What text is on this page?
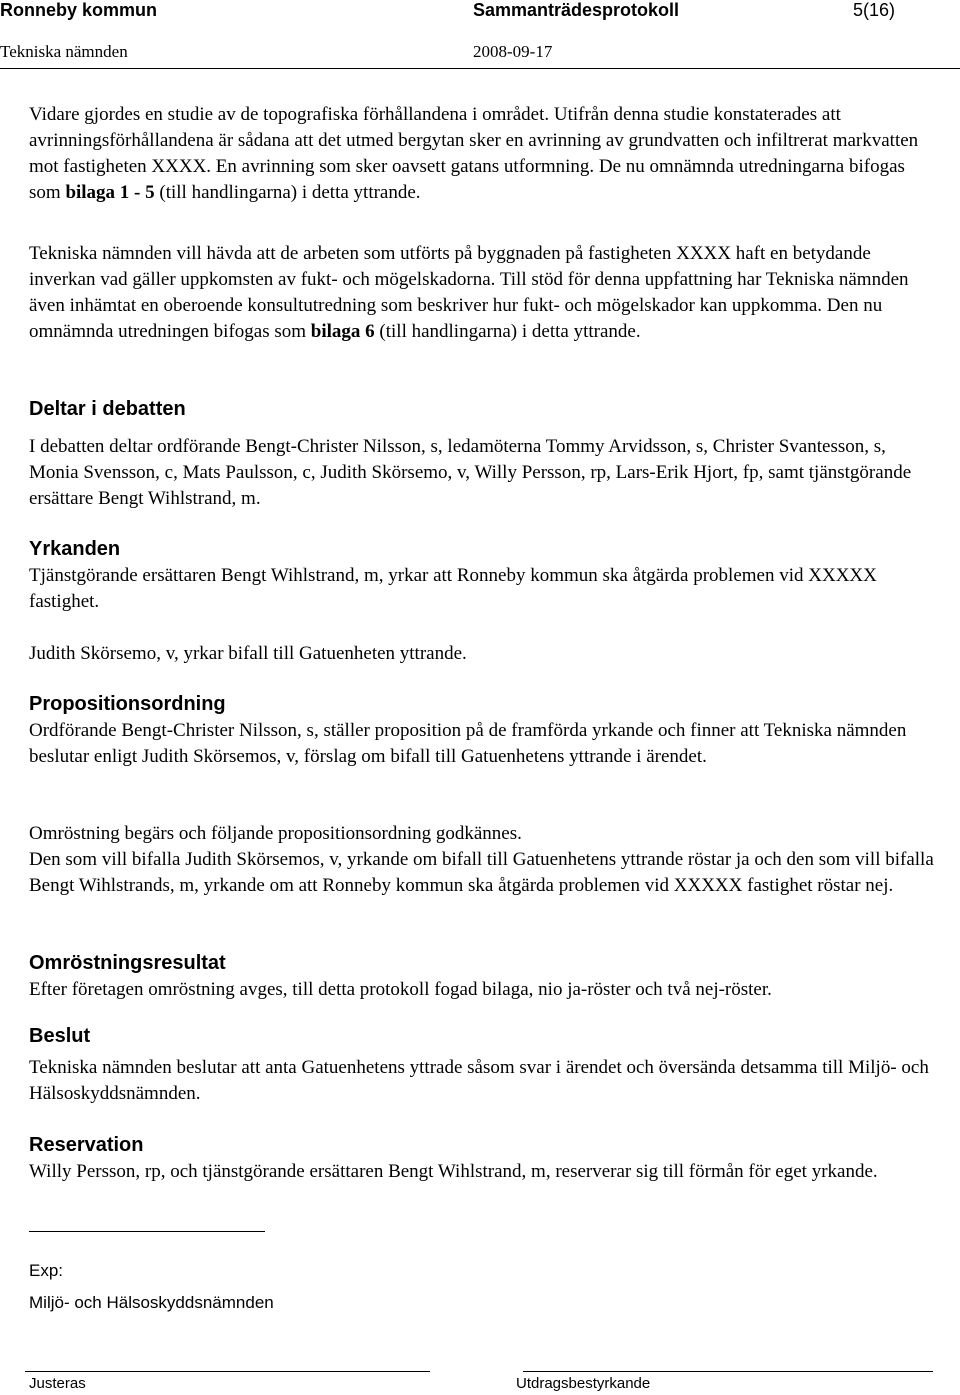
Ronneby kommun	Sammanträdesprotokoll	5(16)
Tekniska nämnden	2008-09-17
Vidare gjordes en studie av de topografiska förhållandena i området. Utifrån denna studie konstaterades att avrinningsförhållandena är sådana att det utmed bergytan sker en avrinning av grundvatten och infiltrerat markvatten mot fastigheten XXXX. En avrinning som sker oavsett gatans utformning. De nu omnämnda utredningarna bifogas som bilaga 1 - 5 (till handlingarna) i detta yttrande.
Tekniska nämnden vill hävda att de arbeten som utförts på byggnaden på fastigheten XXXX haft en betydande inverkan vad gäller uppkomsten av fukt- och mögelskadorna. Till stöd för denna uppfattning har Tekniska nämnden även inhämtat en oberoende konsultutredning som beskriver hur fukt- och mögelskador kan uppkomma. Den nu omnämnda utredningen bifogas som bilaga 6 (till handlingarna) i detta yttrande.
Deltar i debatten
I debatten deltar ordförande Bengt-Christer Nilsson, s, ledamöterna Tommy Arvidsson, s, Christer Svantesson, s, Monia Svensson, c, Mats Paulsson, c, Judith Skörsemo, v, Willy Persson, rp, Lars-Erik Hjort, fp, samt tjänstgörande ersättare Bengt Wihlstrand, m.
Yrkanden
Tjänstgörande ersättaren Bengt Wihlstrand, m, yrkar att Ronneby kommun ska åtgärda problemen vid XXXXX fastighet.
Judith Skörsemo, v, yrkar bifall till Gatuenheten yttrande.
Propositionsordning
Ordförande Bengt-Christer Nilsson, s, ställer proposition på de framförda yrkande och finner att Tekniska nämnden beslutar enligt Judith Skörsemos, v, förslag om bifall till Gatuenhetens yttrande i ärendet.
Omröstning begärs och följande propositionsordning godkännes.
Den som vill bifalla Judith Skörsemos, v, yrkande om bifall till Gatuenhetens yttrande röstar ja och den som vill bifalla Bengt Wihlstrands, m, yrkande om att Ronneby kommun ska åtgärda problemen vid XXXXX fastighet röstar nej.
Omröstningsresultat
Efter företagen omröstning avges, till detta protokoll fogad bilaga, nio ja-röster och två nej-röster.
Beslut
Tekniska nämnden beslutar att anta Gatuenhetens yttrade såsom svar i ärendet och översända detsamma till Miljö- och Hälsoskyddsnämnden.
Reservation
Willy Persson, rp, och tjänstgörande ersättaren Bengt Wihlstrand, m, reserverar sig till förmån för eget yrkande.
Exp:
Miljö- och Hälsoskyddsnämnden
Justeras	Utdragsbestyrkande
